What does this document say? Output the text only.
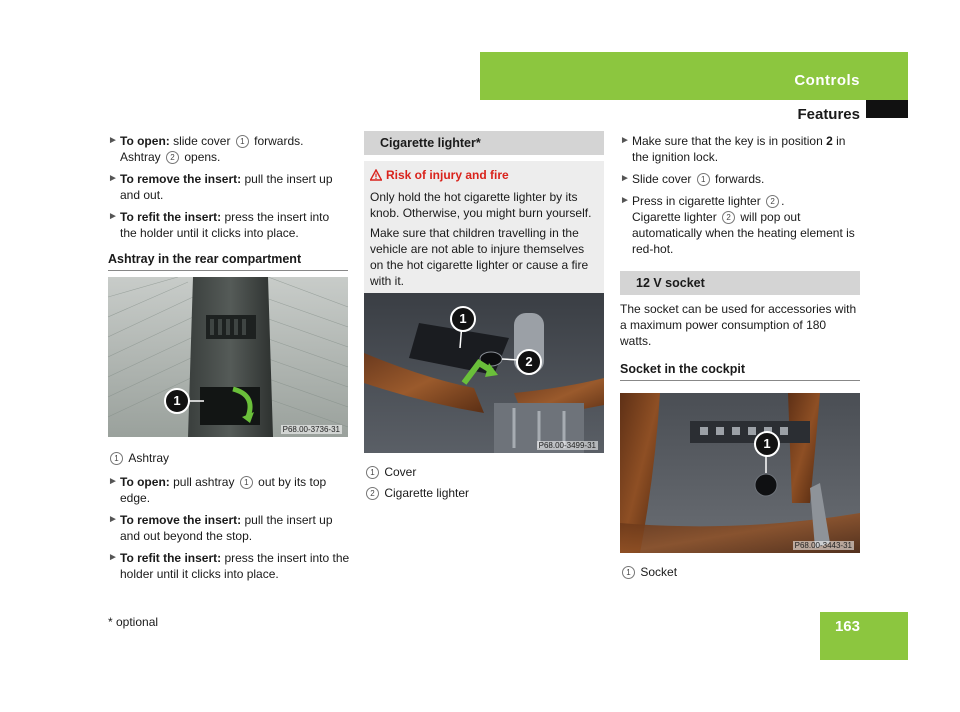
Controls
Features
► To open: slide cover 1 forwards.
Ashtray 2 opens.
► To remove the insert: pull the insert up and out.
► To refit the insert: press the insert into the holder until it clicks into place.
Ashtray in the rear compartment
1
P68.00-3736-31
1 Ashtray
► To open: pull ashtray 1 out by its top edge.
► To remove the insert: pull the insert up and out beyond the stop.
► To refit the insert: press the insert into the holder until it clicks into place.
Cigarette lighter*
Risk of injury and fire
Only hold the hot cigarette lighter by its knob. Otherwise, you might burn yourself.
Make sure that children travelling in the vehicle are not able to injure themselves on the hot cigarette lighter or cause a fire with it.
1
2
P68.00-3499-31
1 Cover
2 Cigarette lighter
► Make sure that the key is in position 2 in the ignition lock.
► Slide cover 1 forwards.
► Press in cigarette lighter 2 .
Cigarette lighter 2 will pop out automatically when the heating element is red-hot.
12 V socket
The socket can be used for accessories with a maximum power consumption of 180 watts.
Socket in the cockpit
1
P68.00-3443-31
1 Socket
* optional	163
